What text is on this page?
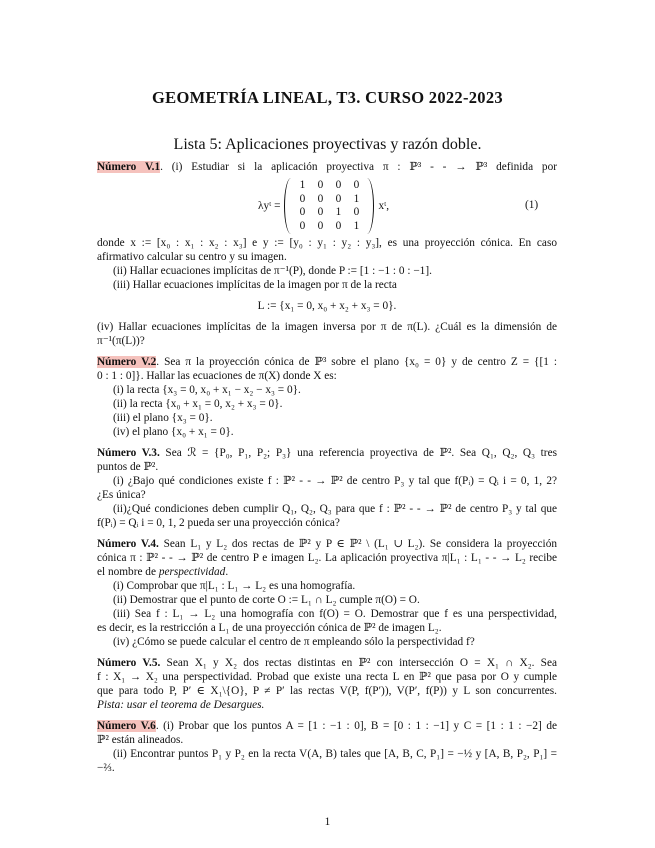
GEOMETRÍA LINEAL, T3. CURSO 2022-2023
Lista 5: Aplicaciones proyectivas y razón doble.
Número V.1. (i) Estudiar si la aplicación proyectiva π : ℙ³ - - → ℙ³ definida por
λyᵗ =
1	0	0	0
0	0	0	1
0	0	1	0
0	0	0	1
xᵗ,	(1)
donde x := [x₀ : x₁ : x₂ : x₃] e y := [y₀ : y₁ : y₂ : y₃], es una proyección cónica. En caso
afirmativo calcular su centro y su imagen.
(ii) Hallar ecuaciones implícitas de π⁻¹(P), donde P := [1 : −1 : 0 : −1].
(iii) Hallar ecuaciones implícitas de la imagen por π de la recta
L := {x₁ = 0, x₀ + x₂ + x₃ = 0}.
(iv) Hallar ecuaciones implícitas de la imagen inversa por π de π(L). ¿Cuál es la dimensión de
π⁻¹(π(L))?
Número V.2. Sea π la proyección cónica de ℙ³ sobre el plano {x₀ = 0} y de centro Z = {[1 :
0 : 1 : 0]}. Hallar las ecuaciones de π(X) donde X es:
(i) la recta {x₃ = 0, x₀ + x₁ − x₂ − x₃ = 0}.
(ii) la recta {x₀ + x₁ = 0, x₂ + x₃ = 0}.
(iii) el plano {x₃ = 0}.
(iv) el plano {x₀ + x₁ = 0}.
Número V.3. Sea ℛ = {P₀, P₁, P₂; P₃} una referencia proyectiva de ℙ². Sea Q₁, Q₂, Q₃ tres
puntos de ℙ².
(i) ¿Bajo qué condiciones existe f : ℙ² - - → ℙ² de centro P₃ y tal que f(Pᵢ) = Qᵢ i = 0, 1, 2?
¿Es única?
(ii)¿Qué condiciones deben cumplir Q₁, Q₂, Q₃ para que f : ℙ² - - → ℙ² de centro P₃ y tal que
f(Pᵢ) = Qᵢ i = 0, 1, 2 pueda ser una proyección cónica?
Número V.4. Sean L₁ y L₂ dos rectas de ℙ² y P ∈ ℙ² \ (L₁ ∪ L₂). Se considera la proyección
cónica π : ℙ² - - → ℙ² de centro P e imagen L₂. La aplicación proyectiva π|L₁ : L₁ - - → L₂ recibe
el nombre de perspectividad.
(i) Comprobar que π|L₁ : L₁ → L₂ es una homografía.
(ii) Demostrar que el punto de corte O := L₁ ∩ L₂ cumple π(O) = O.
(iii) Sea f : L₁ → L₂ una homografía con f(O) = O. Demostrar que f es una perspectividad,
es decir, es la restricción a L₁ de una proyección cónica de ℙ² de imagen L₂.
(iv) ¿Cómo se puede calcular el centro de π empleando sólo la perspectividad f?
Número V.5. Sean X₁ y X₂ dos rectas distintas en ℙ² con intersección O = X₁ ∩ X₂. Sea
f : X₁ → X₂ una perspectividad. Probad que existe una recta L en ℙ² que pasa por O y cumple
que para todo P, P′ ∈ X₁\{O}, P ≠ P′ las rectas V(P, f(P′)), V(P′, f(P)) y L son concurrentes.
Pista: usar el teorema de Desargues.
Número V.6. (i) Probar que los puntos A = [1 : −1 : 0], B = [0 : 1 : −1] y C = [1 : 1 : −2] de
ℙ² están alineados.
(ii) Encontrar puntos P₁ y P₂ en la recta V(A, B) tales que [A, B, C, P₁] = −½ y [A, B, P₂, P₁] =
−⅔.
1
